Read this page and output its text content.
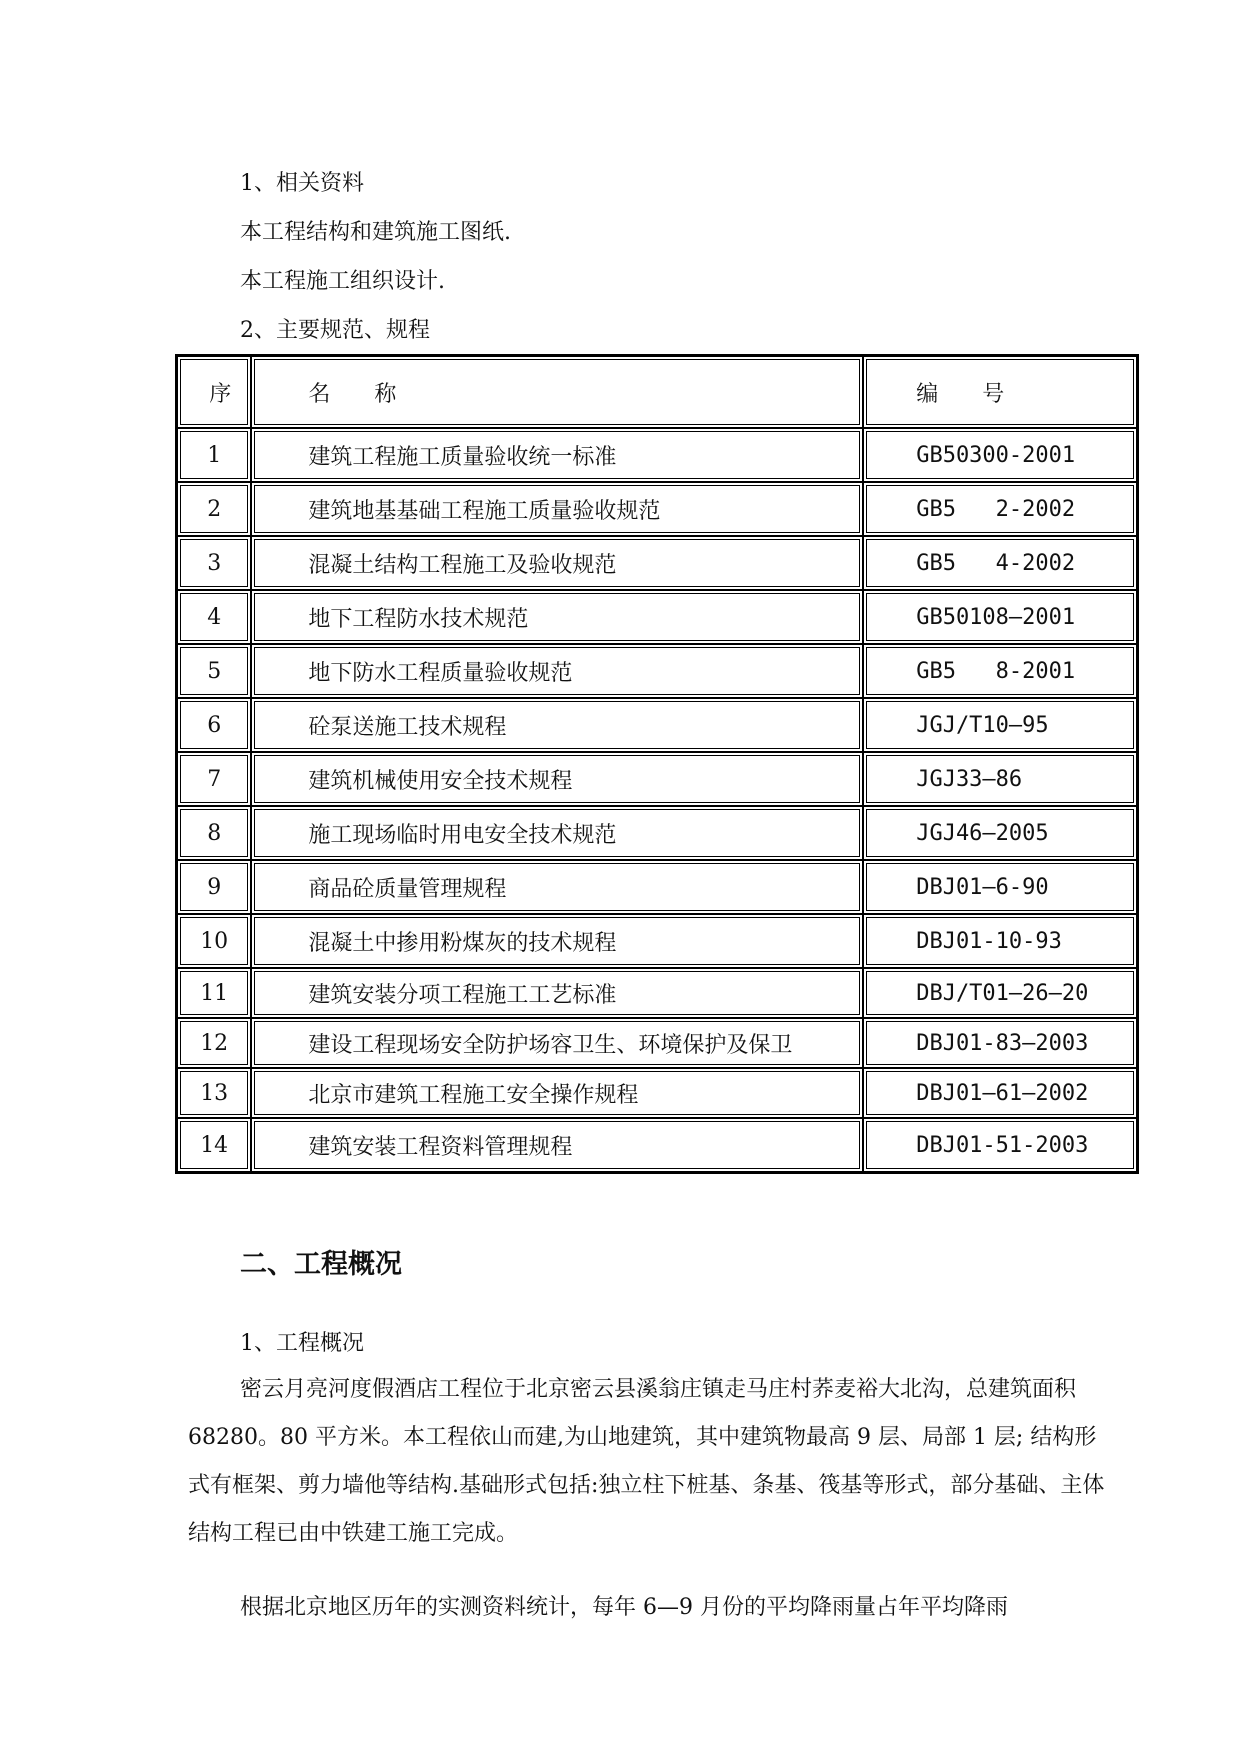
1、相关资料
本工程结构和建筑施工图纸.
本工程施工组织设计.
2、主要规范、规程
序	名　　称	编　　号
1	建筑工程施工质量验收统一标准	GB50300-2001
2	建筑地基基础工程施工质量验收规范	GB5   2-2002
3	混凝土结构工程施工及验收规范	GB5   4-2002
4	地下工程防水技术规范	GB50108—2001
5	地下防水工程质量验收规范	GB5   8-2001
6	砼泵送施工技术规程	JGJ/T10—95
7	建筑机械使用安全技术规程	JGJ33—86
8	施工现场临时用电安全技术规范	JGJ46—2005
9	商品砼质量管理规程	DBJ01—6-90
10	混凝土中掺用粉煤灰的技术规程	DBJ01-10-93
11	建筑安装分项工程施工工艺标准	DBJ/T01—26—20
12	建设工程现场安全防护场容卫生、环境保护及保卫	DBJ01-83—2003
13	北京市建筑工程施工安全操作规程	DBJ01—61—2002
14	建筑安装工程资料管理规程	DBJ01-51-2003
二、工程概况
1、工程概况
密云月亮河度假酒店工程位于北京密云县溪翁庄镇走马庄村荞麦裕大北沟，总建筑面积 68280。80 平方米。本工程依山而建,为山地建筑，其中建筑物最高 9 层、局部 1 层; 结构形式有框架、剪力墙他等结构.基础形式包括:独立柱下桩基、条基、筏基等形式，部分基础、主体结构工程已由中铁建工施工完成。
根据北京地区历年的实测资料统计，每年 6—9 月份的平均降雨量占年平均降雨
